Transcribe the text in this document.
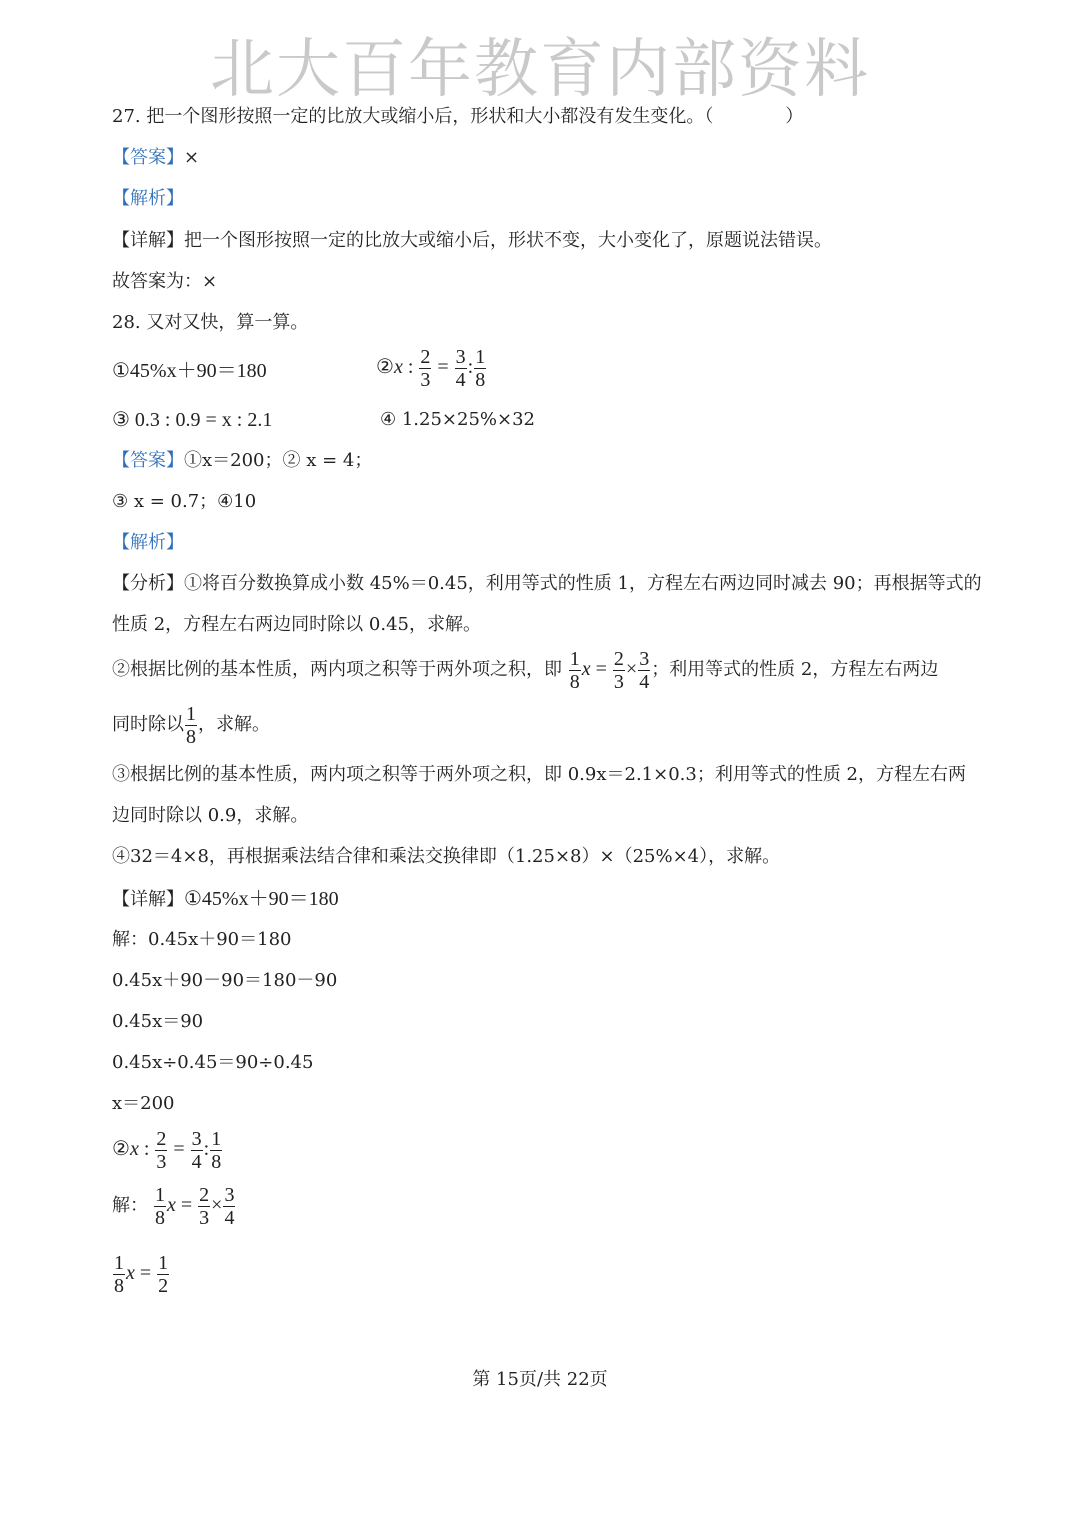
北大百年教育内部资料
27. 把一个图形按照一定的比放大或缩小后，形状和大小都没有发生变化。（　　　　）
【答案】×
【解析】
【详解】把一个图形按照一定的比放大或缩小后，形状不变，大小变化了，原题说法错误。
故答案为：×
28. 又对又快，算一算。
①45%x＋90＝180	②x : $\frac{2}{3} = \frac{3}{4}$ : $\frac{1}{8}$
③ 0.3 : 0.9 = x : 2.1	④ 1.25×25%×32
【答案】①x＝200；② x = 4；
③ x = 0.7；④10
【解析】
【分析】①将百分数换算成小数 45%＝0.45，利用等式的性质 1，方程左右两边同时减去 90；再根据等式的
性质 2，方程左右两边同时除以 0.45，求解。
②根据比例的基本性质，两内项之积等于两外项之积，即 $\frac{1}{8}$ $x = \frac{2}{3} \times \frac{3}{4}$ ；利用等式的性质 2，方程左右两边
同时除以 $\frac{1}{8}$ ，求解。
③根据比例的基本性质，两内项之积等于两外项之积，即 0.9x＝2.1×0.3；利用等式的性质 2，方程左右两
边同时除以 0.9，求解。
④32＝4×8，再根据乘法结合律和乘法交换律即（1.25×8）×（25%×4），求解。
【详解】①45%x＋90＝180
解：0.45x＋90＝180
0.45x＋90－90＝180－90
0.45x＝90
0.45x÷0.45＝90÷0.45
x＝200
②x : $\frac{2}{3} = \frac{3}{4}$ : $\frac{1}{8}$
解： $\frac{1}{8}$ $x = \frac{2}{3} \times \frac{3}{4}$
$\frac{1}{8}$ $x = \frac{1}{2}$
第 15页/共 22页
